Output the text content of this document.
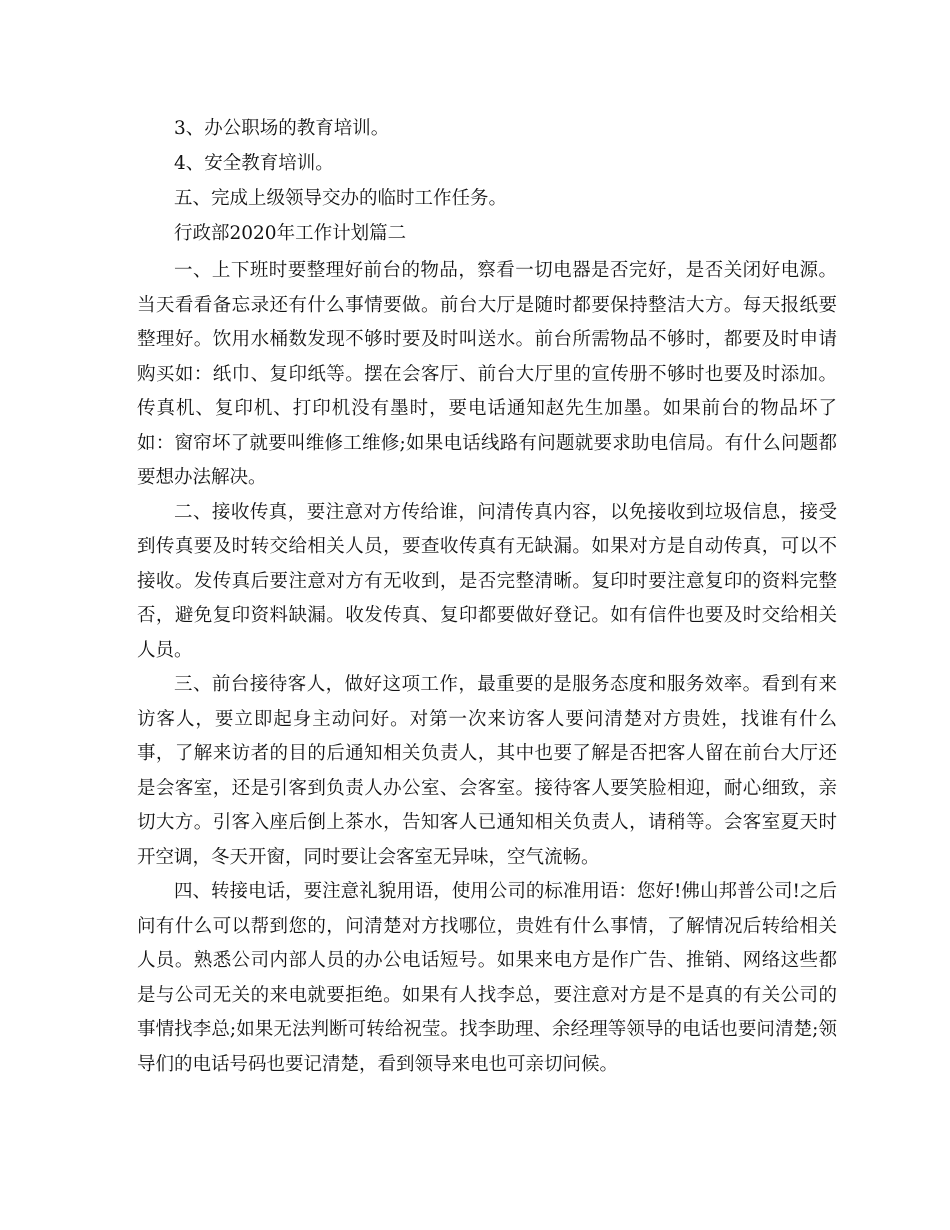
3、办公职场的教育培训。

4、安全教育培训。

五、完成上级领导交办的临时工作任务。

行政部2020年工作计划篇二

一、上下班时要整理好前台的物品，察看一切电器是否完好，是否关闭好电源。当天看看备忘录还有什么事情要做。前台大厅是随时都要保持整洁大方。每天报纸要整理好。饮用水桶数发现不够时要及时叫送水。前台所需物品不够时，都要及时申请购买如：纸巾、复印纸等。摆在会客厅、前台大厅里的宣传册不够时也要及时添加。传真机、复印机、打印机没有墨时，要电话通知赵先生加墨。如果前台的物品坏了如：窗帘坏了就要叫维修工维修;如果电话线路有问题就要求助电信局。有什么问题都要想办法解决。

二、接收传真，要注意对方传给谁，问清传真内容，以免接收到垃圾信息，接受到传真要及时转交给相关人员，要查收传真有无缺漏。如果对方是自动传真，可以不接收。发传真后要注意对方有无收到，是否完整清晰。复印时要注意复印的资料完整否，避免复印资料缺漏。收发传真、复印都要做好登记。如有信件也要及时交给相关人员。

三、前台接待客人，做好这项工作，最重要的是服务态度和服务效率。看到有来访客人，要立即起身主动问好。对第一次来访客人要问清楚对方贵姓，找谁有什么事，了解来访者的目的后通知相关负责人，其中也要了解是否把客人留在前台大厅还是会客室，还是引客到负责人办公室、会客室。接待客人要笑脸相迎，耐心细致，亲切大方。引客入座后倒上茶水，告知客人已通知相关负责人，请稍等。会客室夏天时开空调，冬天开窗，同时要让会客室无异味，空气流畅。

四、转接电话，要注意礼貌用语，使用公司的标准用语：您好!佛山邦普公司!之后问有什么可以帮到您的，问清楚对方找哪位，贵姓有什么事情，了解情况后转给相关人员。熟悉公司内部人员的办公电话短号。如果来电方是作广告、推销、网络这些都是与公司无关的来电就要拒绝。如果有人找李总，要注意对方是不是真的有关公司的事情找李总;如果无法判断可转给祝莹。找李助理、余经理等领导的电话也要问清楚;领导们的电话号码也要记清楚，看到领导来电也可亲切问候。
